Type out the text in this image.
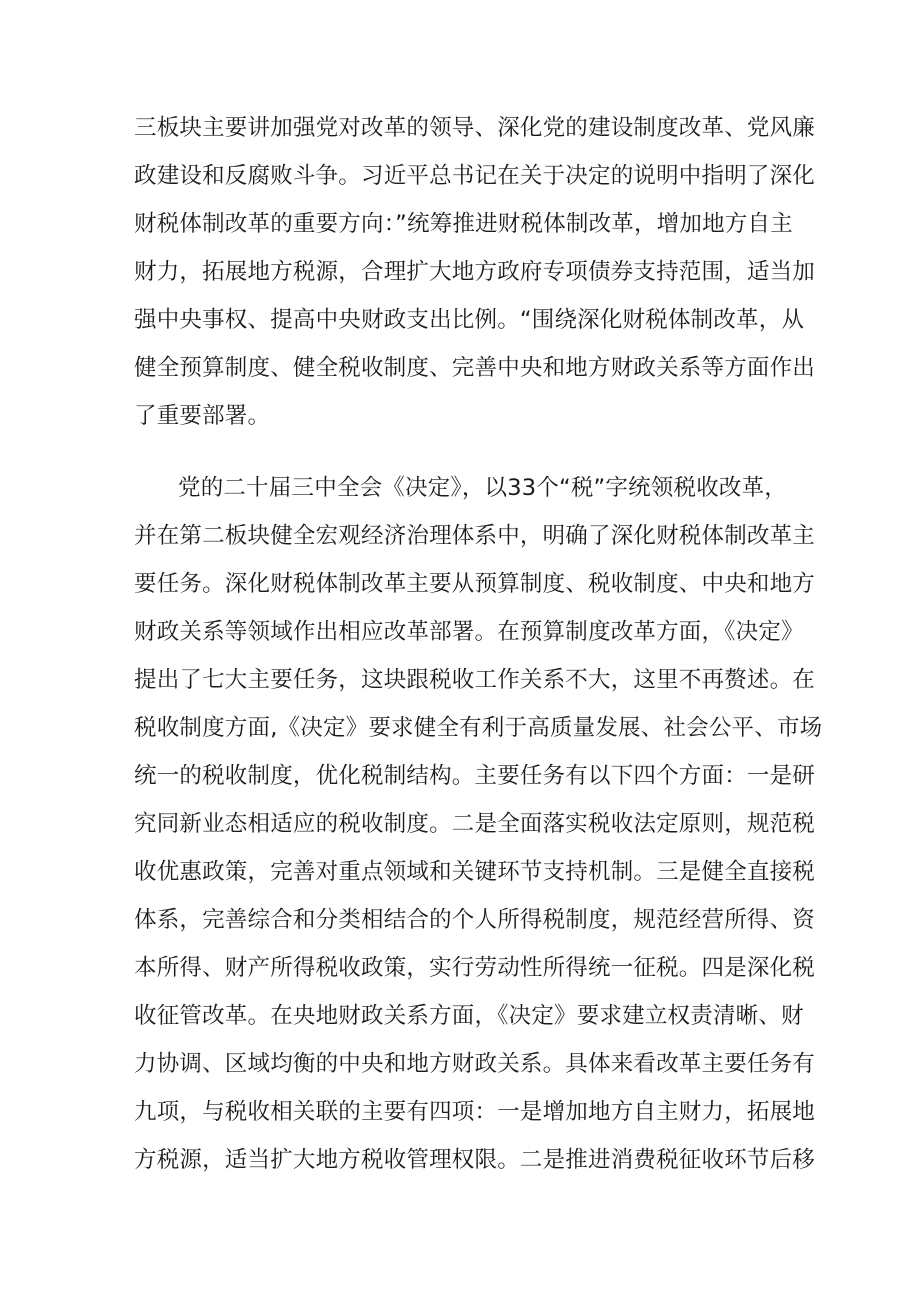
三板块主要讲加强党对改革的领导、深化党的建设制度改革、党风廉
政建设和反腐败斗争。习近平总书记在关于决定的说明中指明了深化
财税体制改革的重要方向：”统筹推进财税体制改革，增加地方自主
财力，拓展地方税源，合理扩大地方政府专项债券支持范围，适当加
强中央事权、提高中央财政支出比例。“围绕深化财税体制改革，从
健全预算制度、健全税收制度、完善中央和地方财政关系等方面作出
了重要部署。
党的二十届三中全会《决定》，以33个“税”字统领税收改革，
并在第二板块健全宏观经济治理体系中，明确了深化财税体制改革主
要任务。深化财税体制改革主要从预算制度、税收制度、中央和地方
财政关系等领域作出相应改革部署。在预算制度改革方面，《决定》
提出了七大主要任务，这块跟税收工作关系不大，这里不再赘述。在
税收制度方面,《决定》要求健全有利于高质量发展、社会公平、市场
统一的税收制度，优化税制结构。主要任务有以下四个方面：一是研
究同新业态相适应的税收制度。二是全面落实税收法定原则，规范税
收优惠政策，完善对重点领域和关键环节支持机制。三是健全直接税
体系，完善综合和分类相结合的个人所得税制度，规范经营所得、资
本所得、财产所得税收政策，实行劳动性所得统一征税。四是深化税
收征管改革。在央地财政关系方面，《决定》要求建立权责清晰、财
力协调、区域均衡的中央和地方财政关系。具体来看改革主要任务有
九项，与税收相关联的主要有四项：一是增加地方自主财力，拓展地
方税源，适当扩大地方税收管理权限。二是推进消费税征收环节后移
